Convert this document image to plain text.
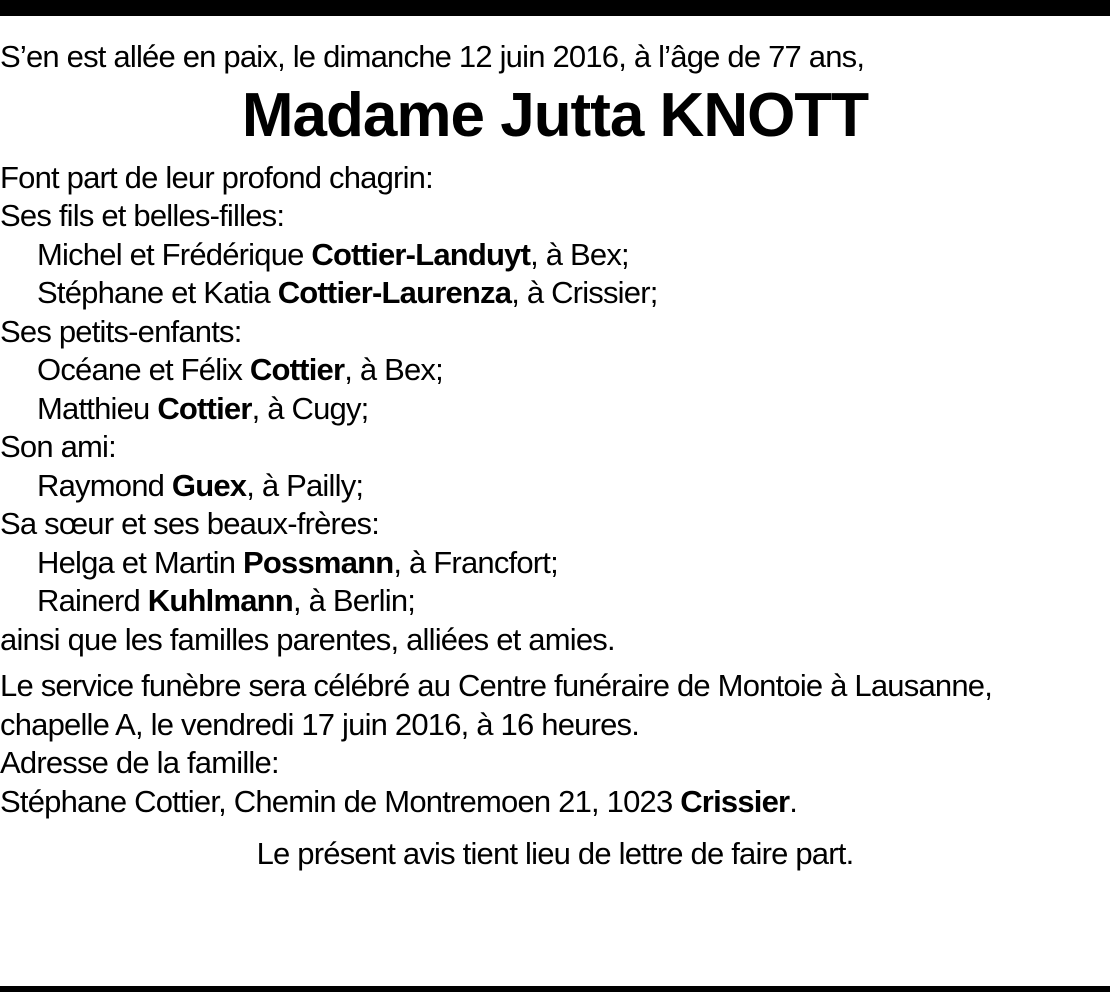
S’en est allée en paix, le dimanche 12 juin 2016, à l’âge de 77 ans,

Madame Jutta KNOTT
Font part de leur profond chagrin:
Ses fils et belles-filles:
Michel et Frédérique Cottier-Landuyt, à Bex;
Stéphane et Katia Cottier-Laurenza, à Crissier;
Ses petits-enfants:
Océane et Félix Cottier, à Bex;
Matthieu Cottier, à Cugy;
Son ami:
Raymond Guex, à Pailly;
Sa sœur et ses beaux-frères:
Helga et Martin Possmann, à Francfort;
Rainerd Kuhlmann, à Berlin;
ainsi que les familles parentes, alliées et amies.
Le service funèbre sera célébré au Centre funéraire de Montoie à Lausanne,
chapelle A, le vendredi 17 juin 2016, à 16 heures.
Adresse de la famille:
Stéphane Cottier, Chemin de Montremoen 21, 1023 Crissier.
Le présent avis tient lieu de lettre de faire part.
